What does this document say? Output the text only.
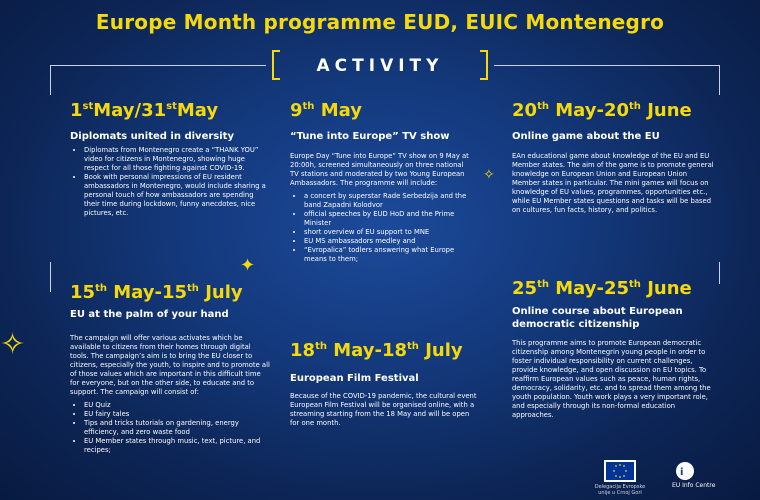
Europe Month programme EUD, EUIC Montenegro
ACTIVITY
✦
✧
✧
1stMay/31stMay
Diplomats united in diversity
• Diplomats from Montenegro create a “THANK YOU” video for citizens in Montenegro, showing huge respect for all those fighting against COVID-19.
• Book with personal impressions of EU resident ambassadors in Montenegro, would include sharing a personal touch of how ambassadors are spending their time during lockdown, funny anecdotes, nice pictures, etc.
9th May
“Tune into Europe” TV show

Europe Day “Tune into Europe” TV show on 9 May at 20:00h, screened simultaneously on three national TV stations and moderated by two Young European Ambassadors. The programme will include:

• a concert by superstar Rade Serbedzija and the band Zapadni Kolodvor
• official speeches by EUD HoD and the Prime Minister
• short overview of EU support to MNE
• EU MS ambassadors medley and
• “Evropalica” todlers answering what Europe means to them;
20th May-20th June
Online game about the EU

EAn educational game about knowledge of the EU and EU Member states. The aim of the game is to promote general knowledge on European Union and European Union Member states in particular. The mini games will focus on knowledge of EU values, programmes, opportunities etc., while EU Member states questions and tasks will be based on cultures, fun facts, history, and politics.

15th May-15th July
EU at the palm of your hand

The campaign will offer various activates which be available to citizens from their homes through digital tools. The campaign’s aim is to bring the EU closer to citizens, especially the youth, to inspire and to promote all of those values which are important in this difficult time for everyone, but on the other side, to educate and to support. The campaign will consist of:

• EU Quiz
• EU fairy tales
• Tips and tricks tutorials on gardening, energy efficiency, and zero waste food
• EU Member states through music, text, picture, and recipes;
18th May-18th July
European Film Festival

Because of the COVID-19 pandemic, the cultural event European Film Festival will be organised online, with a streaming starting from the 18 May and will be open for one month.

25th May-25th June
Online course about European democratic citizenship

This programme aims to promote European democratic citizenship among Montenegrin young people in order to foster individual responsibility on current challenges, provide knowledge, and open discussion on EU topics. To reaffirm European values such as peace, human rights, democracy, solidarity, etc. and to spread them among the youth population. Youth work plays a very important role, and especially through its non-formal education approaches.

Delegacija Evropske unije u Crnoj Gori
i
EU Info Centre
